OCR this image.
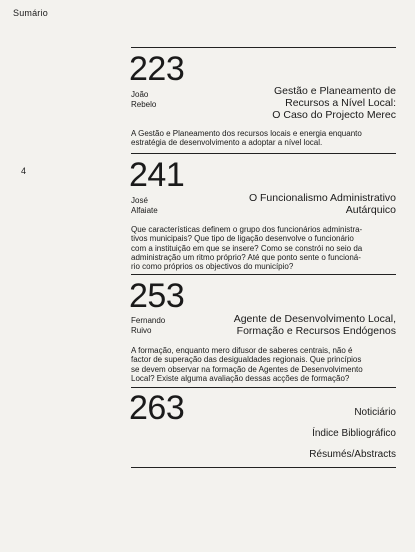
Sumário
4
223
João
Rebelo
Gestão e Planeamento de
Recursos a Nível Local:
O Caso do Projecto Merec
A Gestão e Planeamento dos recursos locais e energia enquanto
estratégia de desenvolvimento a adoptar a nível local.
241
José
Alfaiate
O Funcionalismo Administrativo
Autárquico
Que características definem o grupo dos funcionários administra-
tivos municipais? Que tipo de ligação desenvolve o funcionário
com a instituição em que se insere? Como se constrói no seio da
administração um ritmo próprio? Até que ponto sente o funcioná-
rio como próprios os objectivos do município?
253
Fernando
Ruivo
Agente de Desenvolvimento Local,
Formação e Recursos Endógenos
A formação, enquanto mero difusor de saberes centrais, não é
factor de superação das desigualdades regionais. Que princípios
se devem observar na formação de Agentes de Desenvolvimento
Local? Existe alguma avaliação dessas acções de formação?
263	Noticiário
Índice Bibliográfico
Résumés/Abstracts
